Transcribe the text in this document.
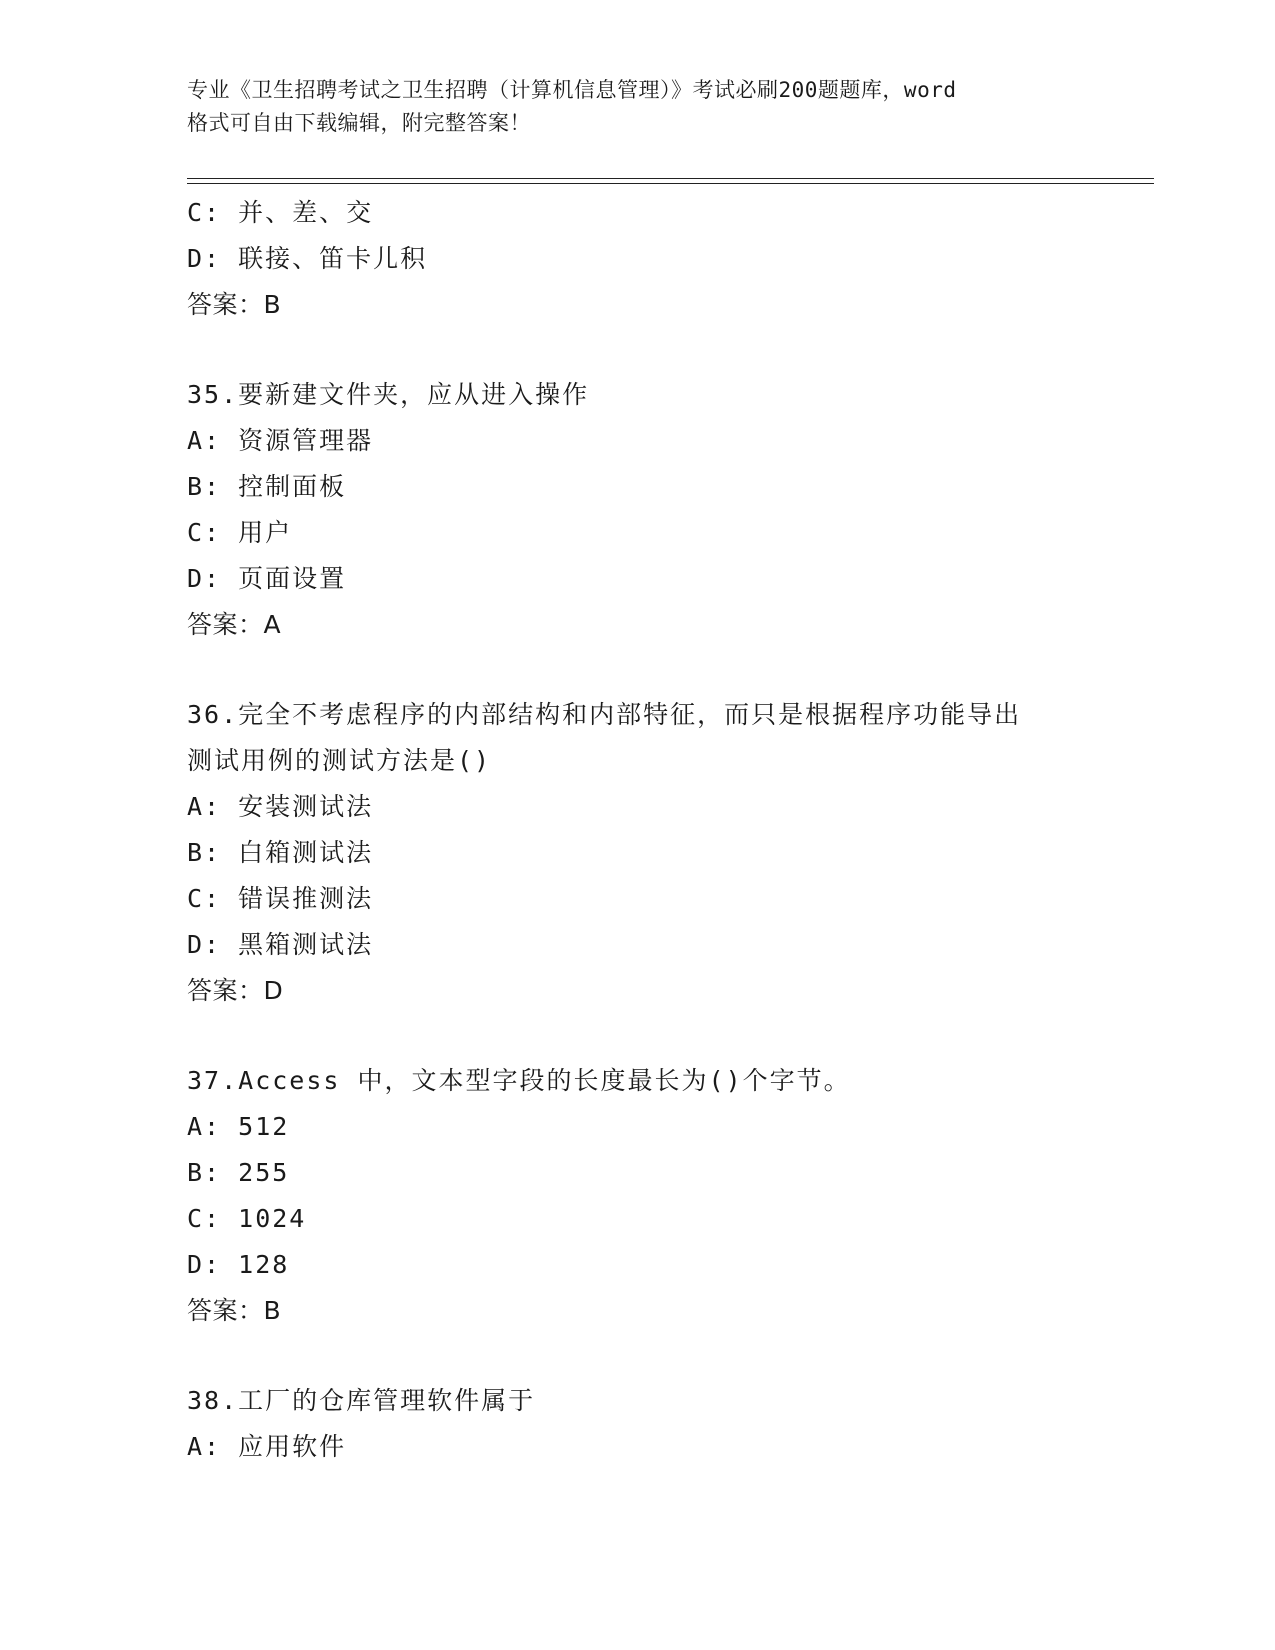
专业《卫生招聘考试之卫生招聘（计算机信息管理）》考试必刷200题题库，word
格式可自由下载编辑，附完整答案！
C: 并、差、交
D: 联接、笛卡儿积
答案：B
35.要新建文件夹，应从进入操作
A: 资源管理器
B: 控制面板
C: 用户
D: 页面设置
答案：A
36.完全不考虑程序的内部结构和内部特征，而只是根据程序功能导出
测试用例的测试方法是()
A: 安装测试法
B: 白箱测试法
C: 错误推测法
D: 黑箱测试法
答案：D
37.Access 中，文本型字段的长度最长为()个字节。
A: 512
B: 255
C: 1024
D: 128
答案：B
38.工厂的仓库管理软件属于
A: 应用软件
